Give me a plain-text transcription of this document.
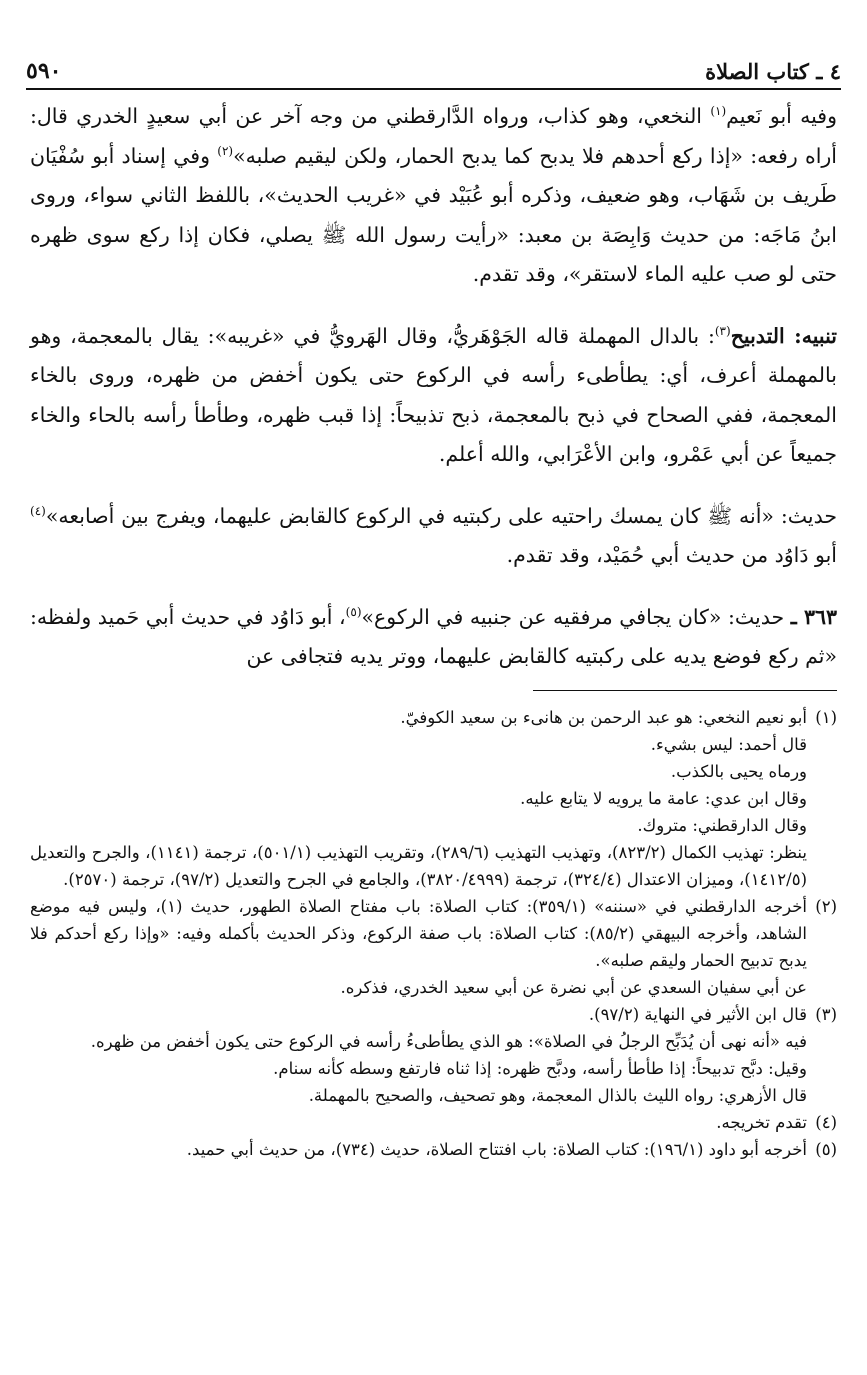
٤ ـ كتاب الصلاة
٥٩٠

وفيه أبو نَعيم$^{(١)}$ النخعي، وهو كذاب، ورواه الدَّارقطني من وجه آخر عن أبي سعيدٍ الخدري قال: أراه رفعه: «إذا ركع أحدهم فلا يدبح كما يدبح الحمار، ولكن ليقيم صلبه»$^{(٢)}$ وفي إسناد أبو سُفْيَان طَريف بن شَهَاب، وهو ضعيف، وذكره أبو عُبَيْد في «غريب الحديث»، باللفظ الثاني سواء، وروى ابنُ مَاجَه: من حديث وَابِصَة بن معبد: «رأيت رسول الله ﷺ يصلي، فكان إذا ركع سوى ظهره حتى لو صب عليه الماء لاستقر»، وقد تقدم.

تنبيه: التدبيح$^{(٣)}$: بالدال المهملة قاله الجَوْهَريُّ، وقال الهَرويُّ في «غريبه»: يقال بالمعجمة، وهو بالمهملة أعرف، أي: يطأطىء رأسه في الركوع حتى يكون أخفض من ظهره، وروى بالخاء المعجمة، ففي الصحاح في ذبح بالمعجمة، ذبح تذبيحاً: إذا قبب ظهره، وطأطأ رأسه بالحاء والخاء جميعاً عن أبي عَمْرو، وابن الأعْرَابي، والله أعلم.

حديث: «أنه ﷺ كان يمسك راحتيه على ركبتيه في الركوع كالقابض عليهما، ويفرج بين أصابعه»$^{(٤)}$ أبو دَاوُد من حديث أبي حُمَيْد، وقد تقدم.

٣٦٣ ـ حديث: «كان يجافي مرفقيه عن جنبيه في الركوع»$^{(٥)}$، أبو دَاوُد في حديث أبي حَميد ولفظه: «ثم ركع فوضع يديه على ركبتيه كالقابض عليهما، ووتر يديه فتجافى عن

(١)
أبو نعيم النخعي: هو عبد الرحمن بن هانىء بن سعيد الكوفيّ.
قال أحمد: ليس بشيء.
ورماه يحيى بالكذب.
وقال ابن عدي: عامة ما يرويه لا يتابع عليه.
وقال الدارقطني: متروك.
ينظر: تهذيب الكمال (٨٢٣/٢)، وتهذيب التهذيب (٢٨٩/٦)، وتقريب التهذيب (٥٠١/١)، ترجمة (١١٤١)، والجرح والتعديل (١٤١٢/٥)، وميزان الاعتدال (٣٢٤/٤)، ترجمة (٣٨٢٠/٤٩٩٩)، والجامع في الجرح والتعديل (٩٧/٢)، ترجمة (٢٥٧٠).
(٢)
أخرجه الدارقطني في «سننه» (٣٥٩/١): كتاب الصلاة: باب مفتاح الصلاة الطهور، حديث (١)، وليس فيه موضع الشاهد، وأخرجه البيهقي (٨٥/٢): كتاب الصلاة: باب صفة الركوع، وذكر الحديث بأكمله وفيه: «وإذا ركع أحدكم فلا يدبح تدبيح الحمار وليقم صلبه».
عن أبي سفيان السعدي عن أبي نضرة عن أبي سعيد الخدري، فذكره.
(٣)
قال ابن الأثير في النهاية (٩٧/٢).
فيه «أنه نهى أن يُدَبِّح الرجلُ في الصلاة»: هو الذي يطأطىءُ رأسه في الركوع حتى يكون أخفض من ظهره.
وقيل: دبَّح تدبيحاً: إذا طأطأ رأسه، ودبَّح ظهره: إذا ثناه فارتفع وسطه كأنه سنام.
قال الأزهري: رواه الليث بالذال المعجمة، وهو تصحيف، والصحيح بالمهملة.
(٤)
تقدم تخريجه.
(٥)
أخرجه أبو داود (١٩٦/١): كتاب الصلاة: باب افتتاح الصلاة، حديث (٧٣٤)، من حديث أبي حميد.
